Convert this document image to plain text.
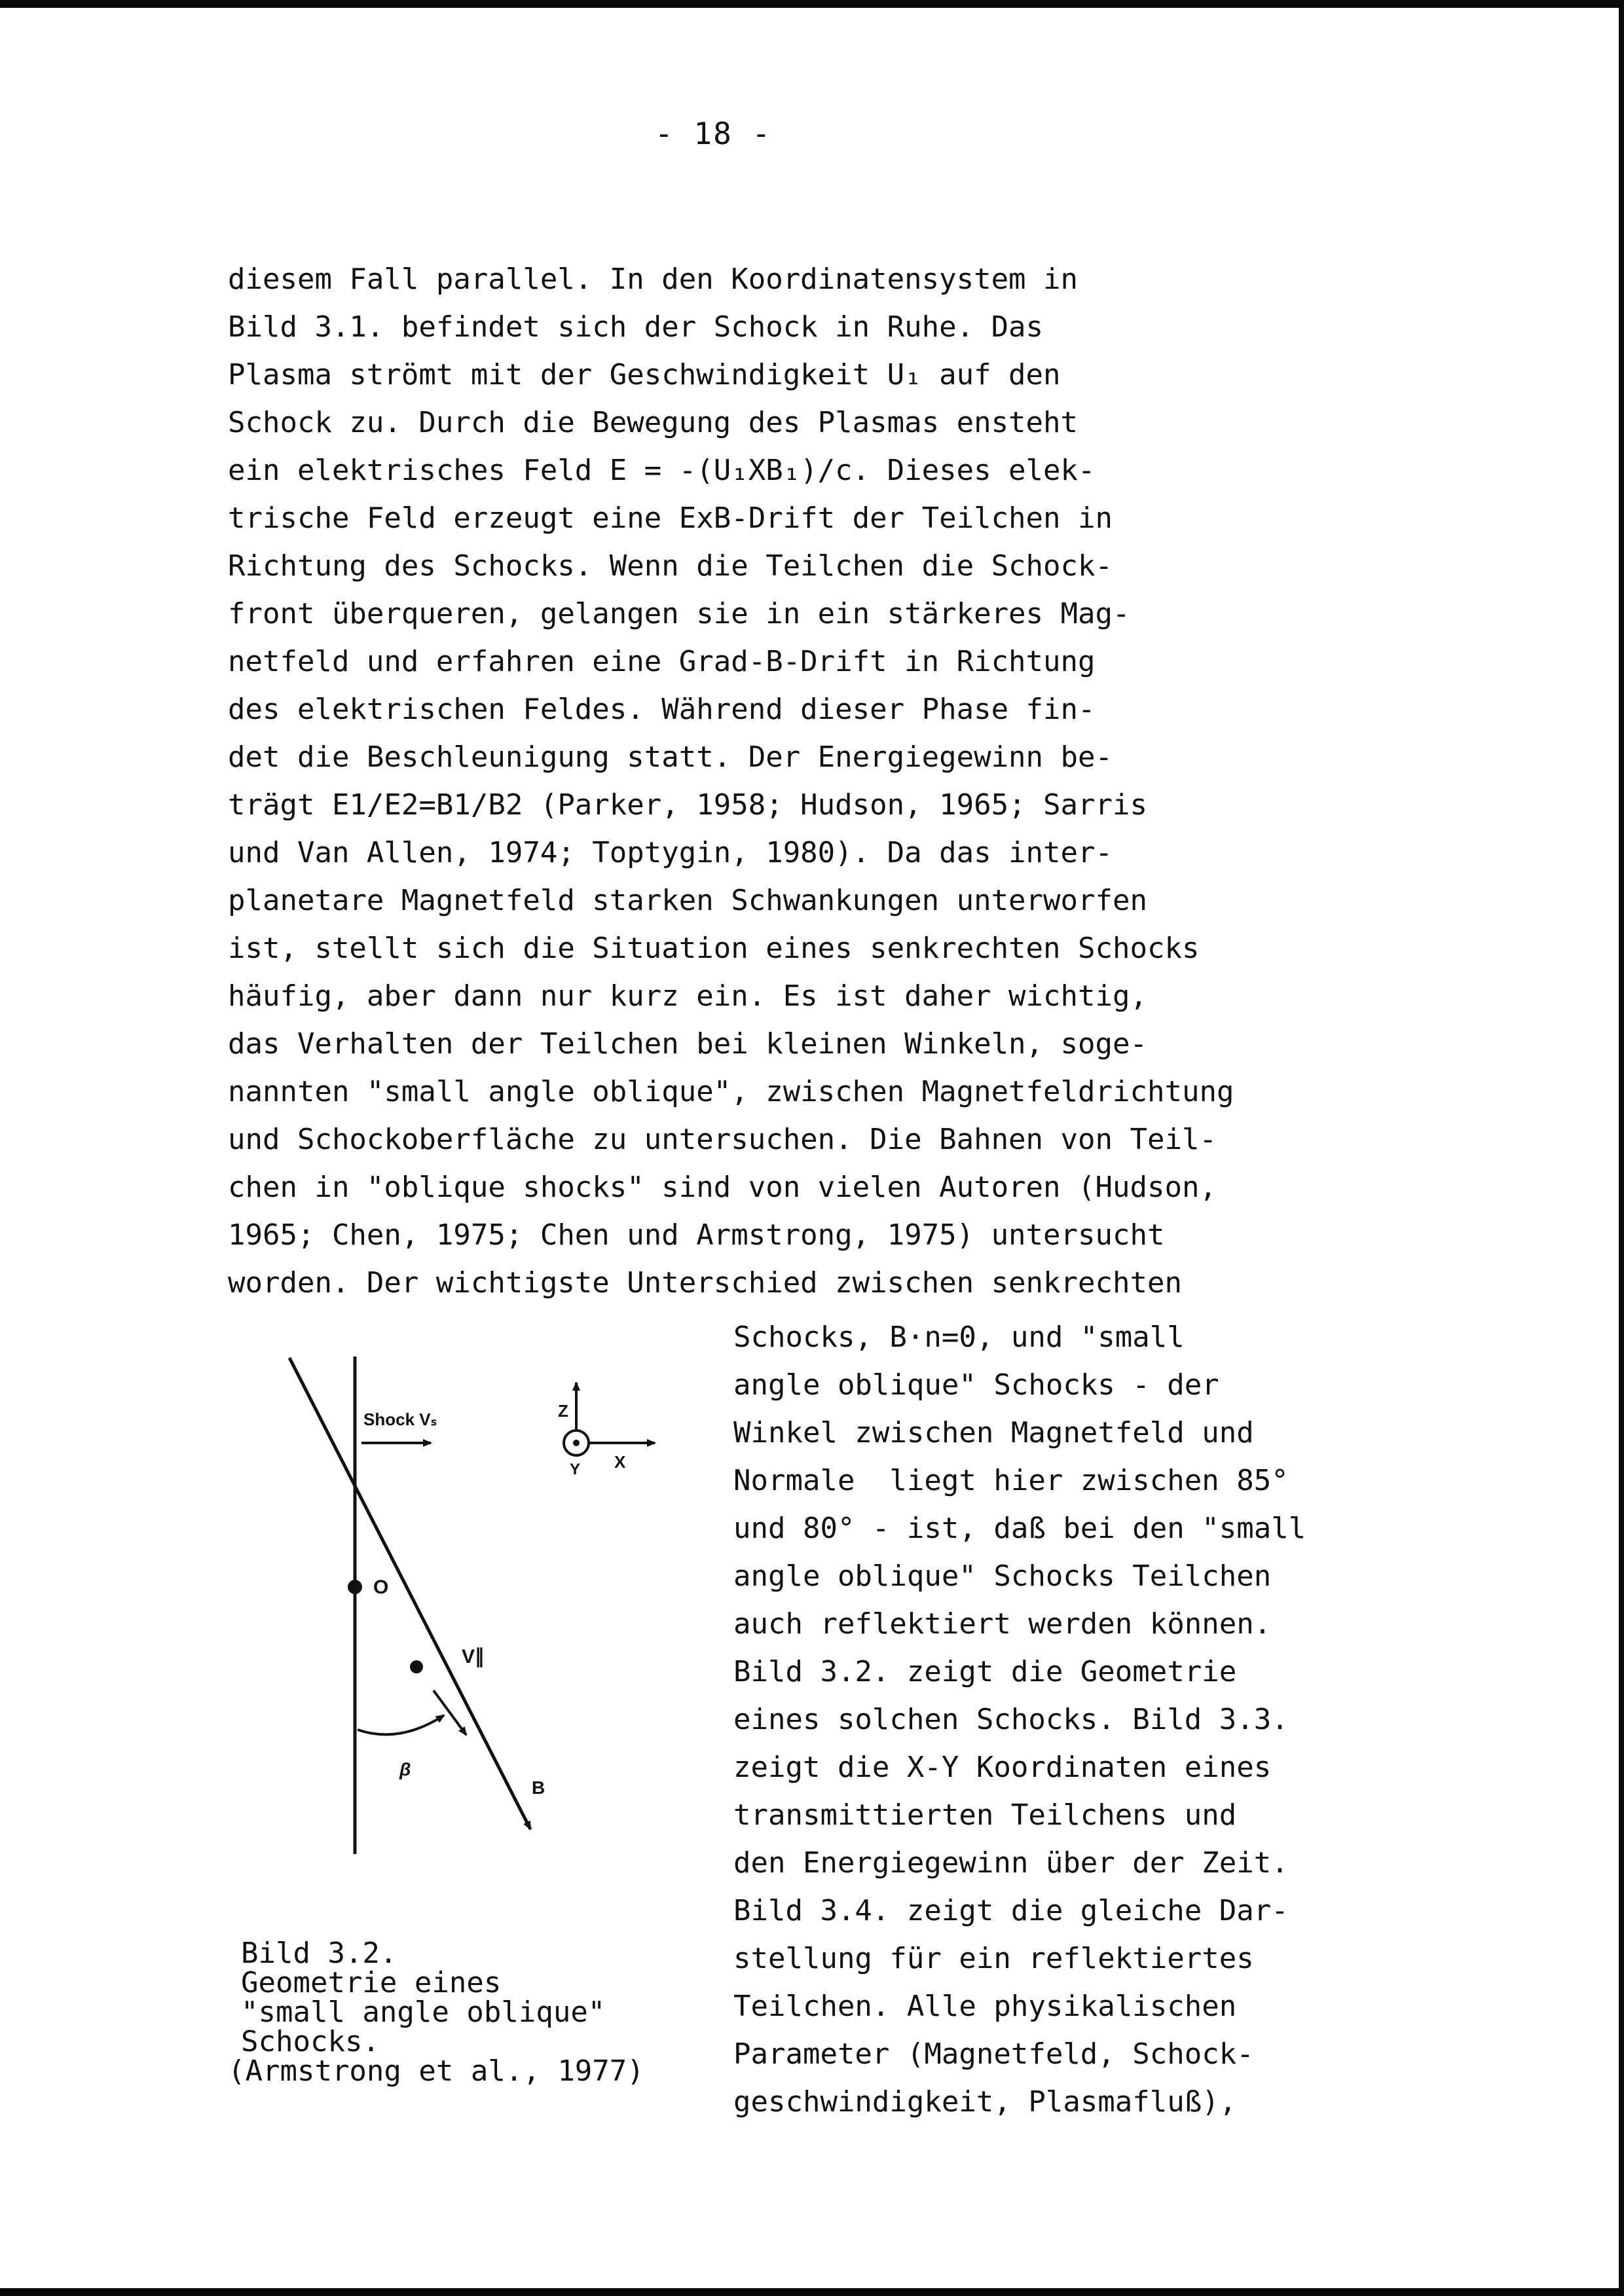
- 18 -
diesem Fall parallel. In den Koordinatensystem in
Bild 3.1. befindet sich der Schock in Ruhe. Das
Plasma strömt mit der Geschwindigkeit U₁ auf den
Schock zu. Durch die Bewegung des Plasmas ensteht
ein elektrisches Feld E = -(U₁XB₁)/c. Dieses elek-
trische Feld erzeugt eine ExB-Drift der Teilchen in
Richtung des Schocks. Wenn die Teilchen die Schock-
front überqueren, gelangen sie in ein stärkeres Mag-
netfeld und erfahren eine Grad-B-Drift in Richtung
des elektrischen Feldes. Während dieser Phase fin-
det die Beschleunigung statt. Der Energiegewinn be-
trägt E1/E2=B1/B2 (Parker, 1958; Hudson, 1965; Sarris
und Van Allen, 1974; Toptygin, 1980). Da das inter-
planetare Magnetfeld starken Schwankungen unterworfen
ist, stellt sich die Situation eines senkrechten Schocks
häufig, aber dann nur kurz ein. Es ist daher wichtig,
das Verhalten der Teilchen bei kleinen Winkeln, soge-
nannten "small angle oblique", zwischen Magnetfeldrichtung
und Schockoberfläche zu untersuchen. Die Bahnen von Teil-
chen in "oblique shocks" sind von vielen Autoren (Hudson,
1965; Chen, 1975; Chen und Armstrong, 1975) untersucht
worden. Der wichtigste Unterschied zwischen senkrechten
Schocks, B·n=0, und "small
angle oblique" Schocks - der
Winkel zwischen Magnetfeld und
Normale  liegt hier zwischen 85°
und 80° - ist, daß bei den "small
angle oblique" Schocks Teilchen
auch reflektiert werden können.
Bild 3.2. zeigt die Geometrie
eines solchen Schocks. Bild 3.3.
zeigt die X-Y Koordinaten eines
transmittierten Teilchens und
den Energiegewinn über der Zeit.
Bild 3.4. zeigt die gleiche Dar-
stellung für ein reflektiertes
Teilchen. Alle physikalischen
Parameter (Magnetfeld, Schock-
geschwindigkeit, Plasmafluß),
Shock Vₛ	Z
Y X
O
V∥
β
B
Bild 3.2.
Geometrie eines
"small angle oblique"
Schocks.
(Armstrong et al., 1977)
